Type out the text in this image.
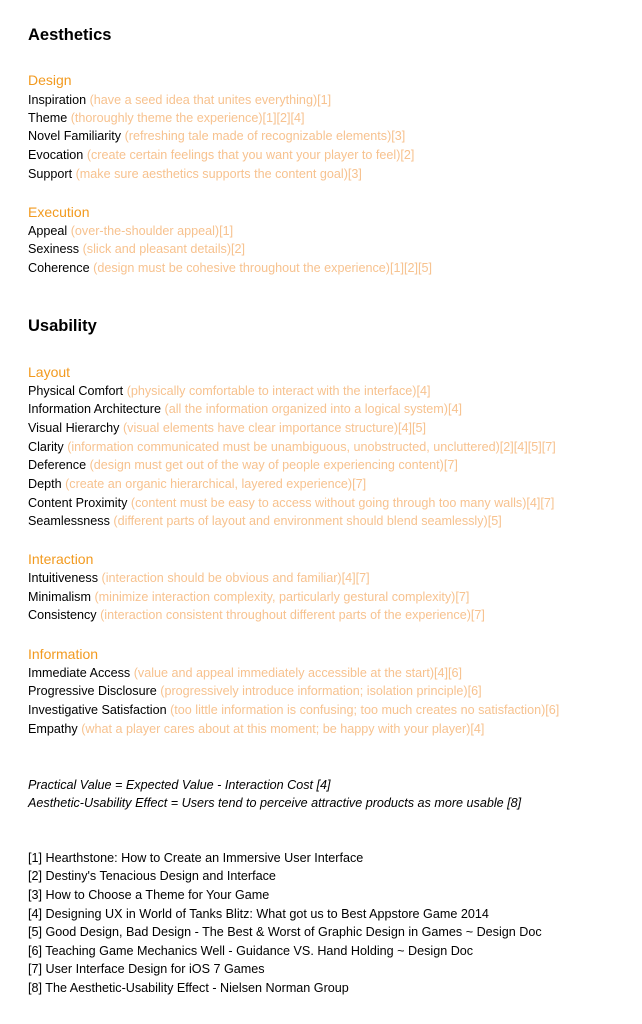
Aesthetics
Design
Inspiration (have a seed idea that unites everything)[1]
Theme (thoroughly theme the experience)[1][2][4]
Novel Familiarity (refreshing tale made of recognizable elements)[3]
Evocation (create certain feelings that you want your player to feel)[2]
Support (make sure aesthetics supports the content goal)[3]
Execution
Appeal (over-the-shoulder appeal)[1]
Sexiness (slick and pleasant details)[2]
Coherence (design must be cohesive throughout the experience)[1][2][5]
Usability
Layout
Physical Comfort (physically comfortable to interact with the interface)[4]
Information Architecture (all the information organized into a logical system)[4]
Visual Hierarchy (visual elements have clear importance structure)[4][5]
Clarity (information communicated must be unambiguous, unobstructed, uncluttered)[2][4][5][7]
Deference (design must get out of the way of people experiencing content)[7]
Depth (create an organic hierarchical, layered experience)[7]
Content Proximity (content must be easy to access without going through too many walls)[4][7]
Seamlessness (different parts of layout and environment should blend seamlessly)[5]
Interaction
Intuitiveness (interaction should be obvious and familiar)[4][7]
Minimalism (minimize interaction complexity, particularly gestural complexity)[7]
Consistency (interaction consistent throughout different parts of the experience)[7]
Information
Immediate Access (value and appeal immediately accessible at the start)[4][6]
Progressive Disclosure (progressively introduce information; isolation principle)[6]
Investigative Satisfaction (too little information is confusing; too much creates no satisfaction)[6]
Empathy (what a player cares about at this moment; be happy with your player)[4]
Practical Value = Expected Value - Interaction Cost [4]
Aesthetic-Usability Effect = Users tend to perceive attractive products as more usable [8]
[1] Hearthstone: How to Create an Immersive User Interface
[2] Destiny's Tenacious Design and Interface
[3] How to Choose a Theme for Your Game
[4] Designing UX in World of Tanks Blitz: What got us to Best Appstore Game 2014
[5] Good Design, Bad Design - The Best & Worst of Graphic Design in Games ~ Design Doc
[6] Teaching Game Mechanics Well - Guidance VS. Hand Holding ~ Design Doc
[7] User Interface Design for iOS 7 Games
[8] The Aesthetic-Usability Effect - Nielsen Norman Group
